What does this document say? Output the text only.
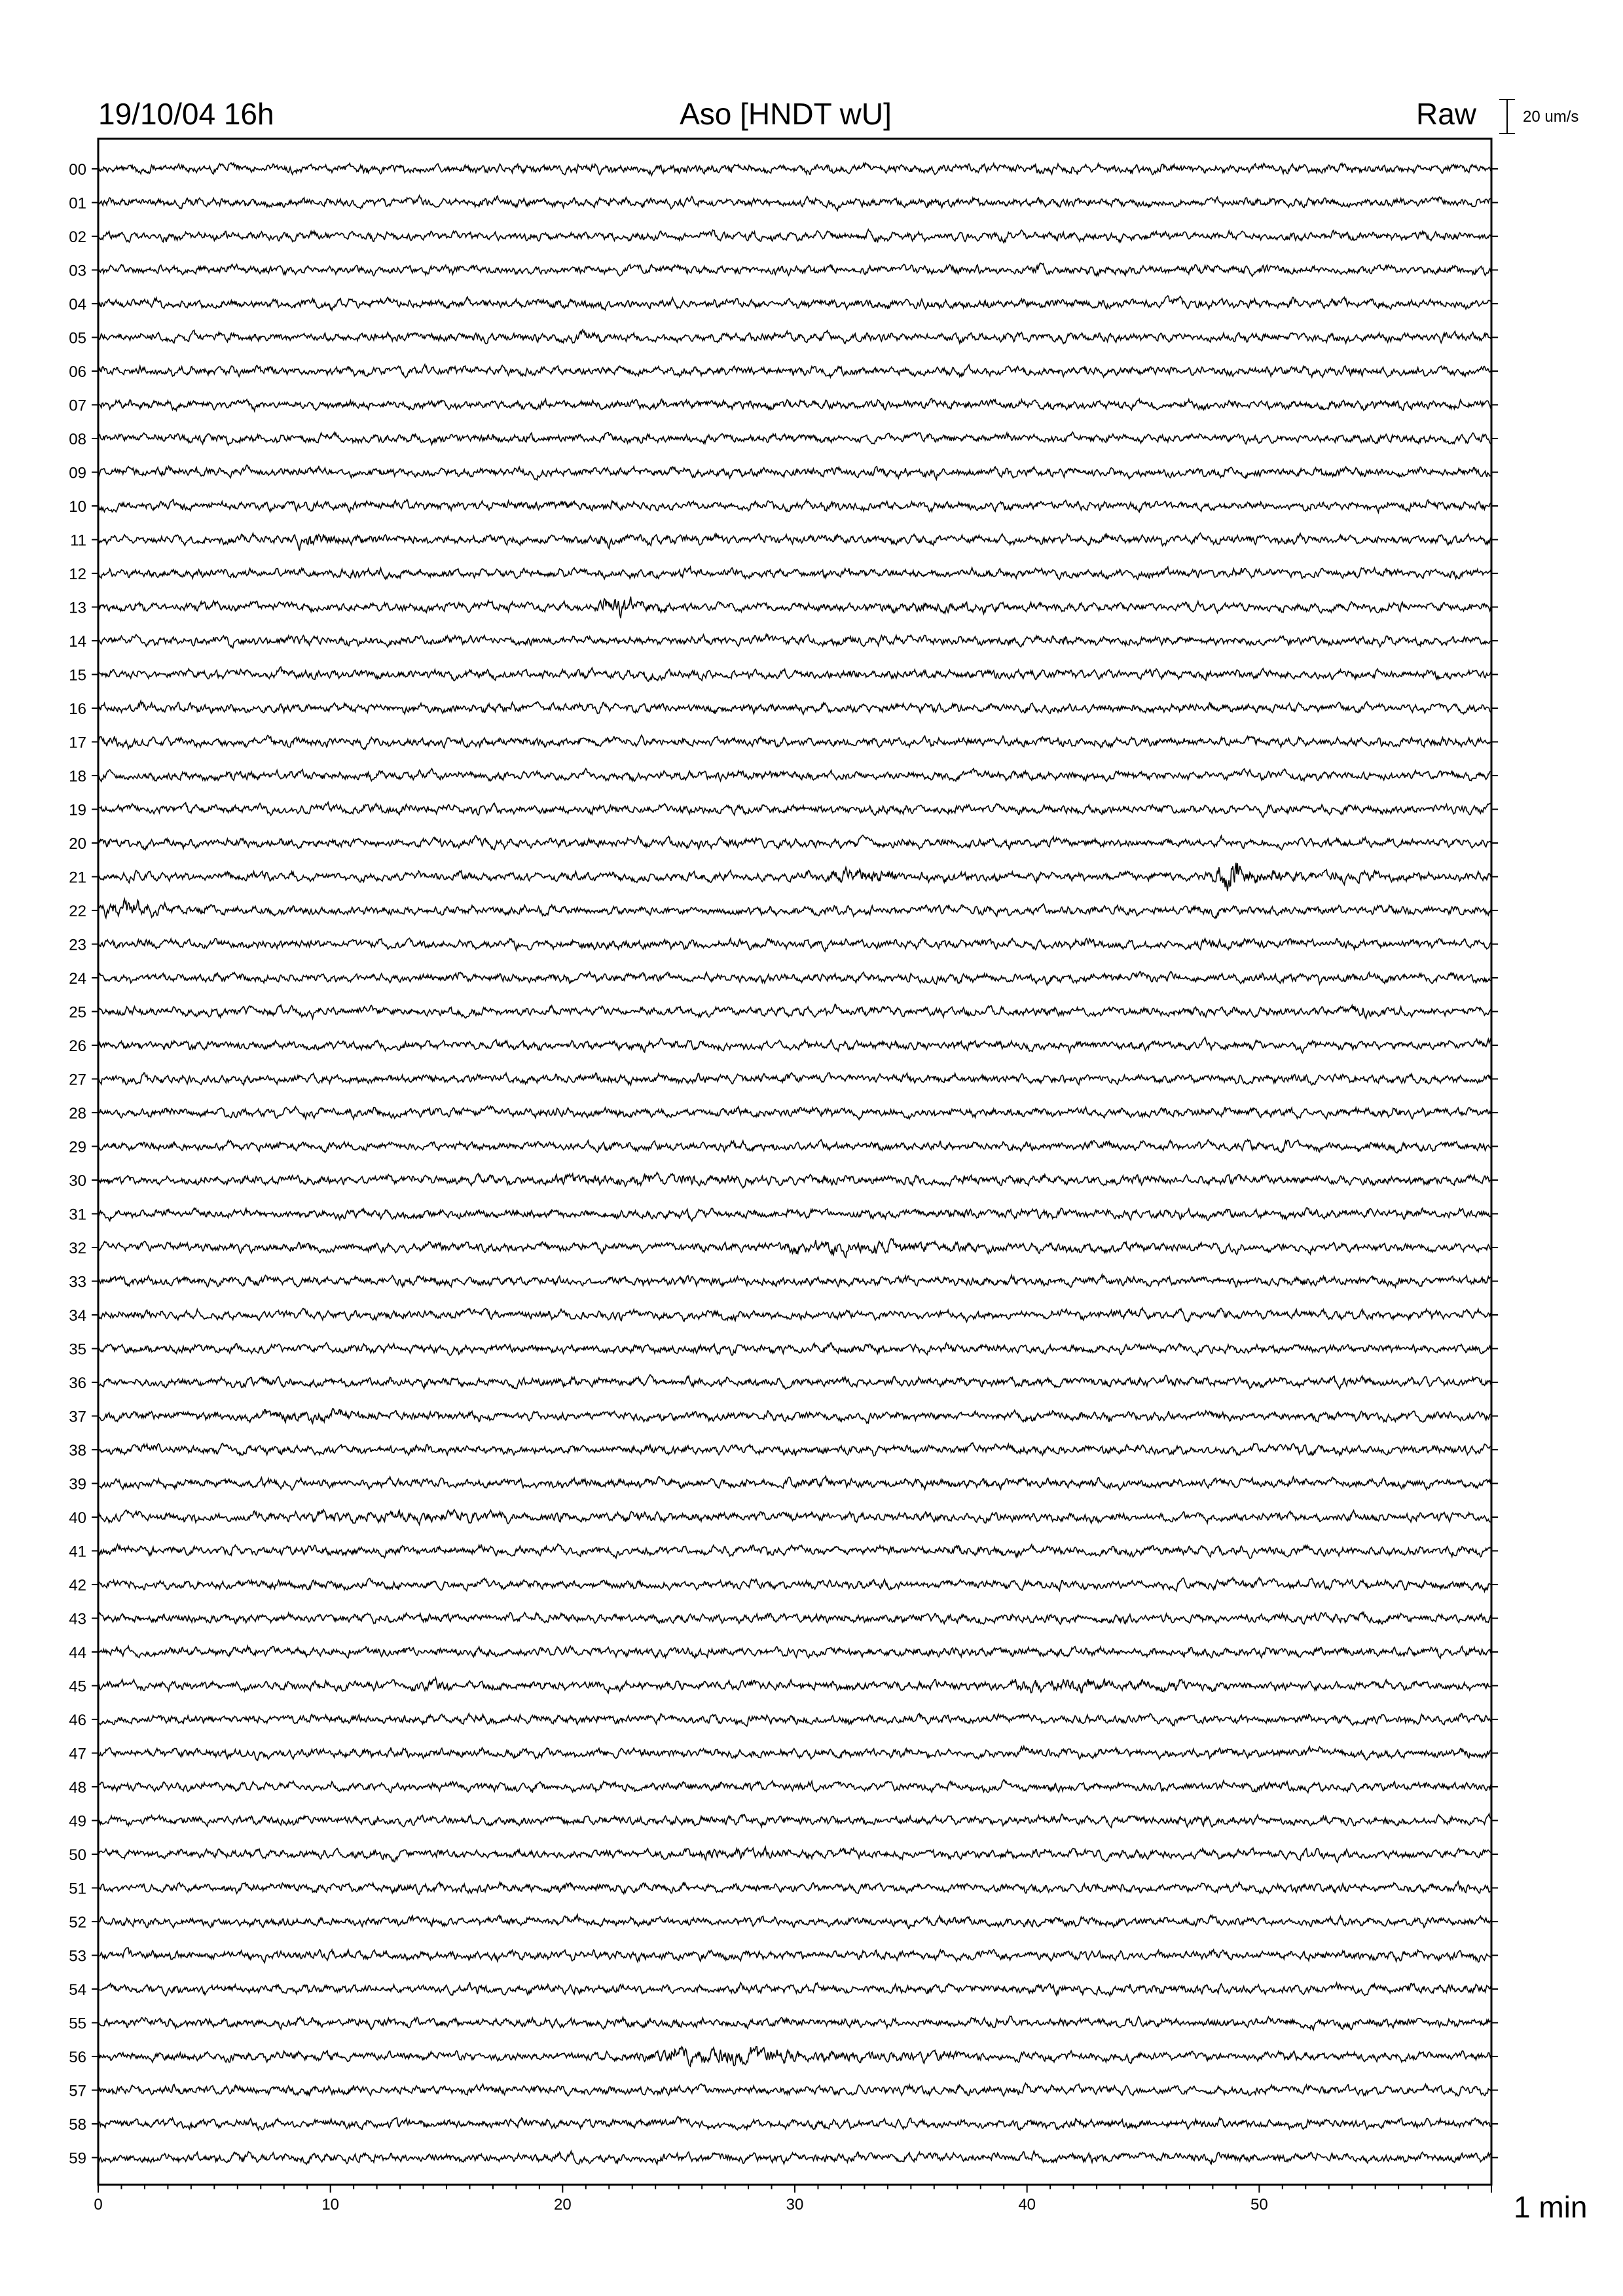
19/10/04 16h	Aso [HNDT wU]	Raw	20 um/s
00
01
02
03
04
05
06
07
08
09
10
11
12
13
14
15
16
17
18
19
20
21
22
23
24
25
26
27
28
29
30
31
32
33
34
35
36
37
38
39
40
41
42
43
44
45
46
47
48
49
50
51
52
53
54
55
56
57
58
59
0	10	20	30	40	50	1 min
